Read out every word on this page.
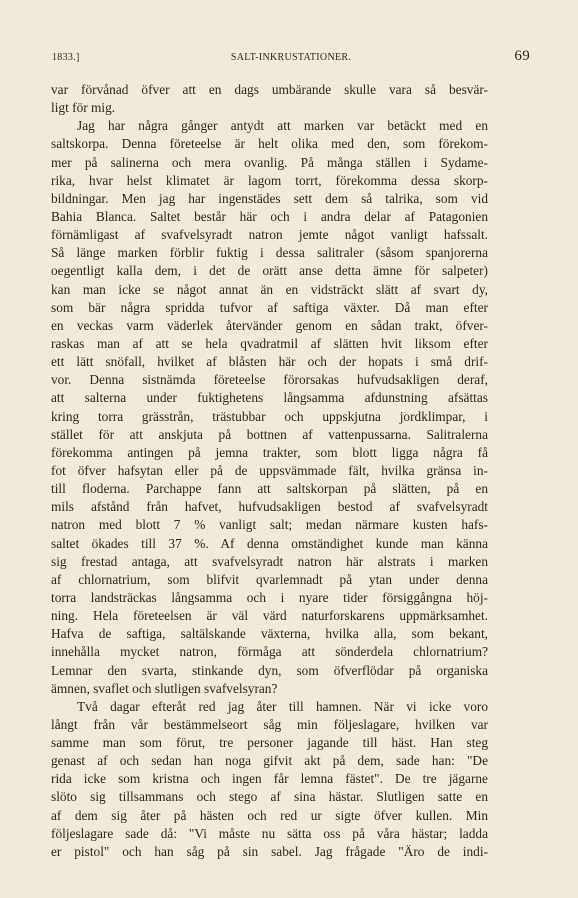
1833.]	SALT-INKRUSTATIONER.	69
var förvånad öfver att en dags umbärande skulle vara så besvär-
ligt för mig.
Jag har några gånger antydt att marken var betäckt med en
saltskorpa. Denna företeelse är helt olika med den, som förekom-
mer på salinerna och mera ovanlig. På många ställen i Sydame-
rika, hvar helst klimatet är lagom torrt, förekomma dessa skorp-
bildningar. Men jag har ingenstädes sett dem så talrika, som vid
Bahia Blanca. Saltet består här och i andra delar af Patagonien
förnämligast af svafvelsyradt natron jemte något vanligt hafssalt.
Så länge marken förblir fuktig i dessa salitraler (såsom spanjorerna
oegentligt kalla dem, i det de orätt anse detta ämne för salpeter)
kan man icke se något annat än en vidsträckt slätt af svart dy,
som bär några spridda tufvor af saftiga växter. Då man efter
en veckas varm väderlek återvänder genom en sådan trakt, öfver-
raskas man af att se hela qvadratmil af slätten hvit liksom efter
ett lätt snöfall, hvilket af blåsten här och der hopats i små drif-
vor. Denna sistnämda företeelse förorsakas hufvudsakligen deraf,
att salterna under fuktighetens långsamma afdunstning afsättas
kring torra grässtrån, trästubbar och uppskjutna jordklimpar, i
stället för att anskjuta på bottnen af vattenpussarna. Salitralerna
förekomma antingen på jemna trakter, som blott ligga några få
fot öfver hafsytan eller på de uppsvämmade fält, hvilka gränsa in-
till floderna. Parchappe fann att saltskorpan på slätten, på en
mils afstånd från hafvet, hufvudsakligen bestod af svafvelsyradt
natron med blott 7 % vanligt salt; medan närmare kusten hafs-
saltet ökades till 37 %. Af denna omständighet kunde man känna
sig frestad antaga, att svafvelsyradt natron här alstrats i marken
af chlornatrium, som blifvit qvarlemnadt på ytan under denna
torra landsträckas långsamma och i nyare tider försiggångna höj-
ning. Hela företeelsen är väl värd naturforskarens uppmärksamhet.
Hafva de saftiga, saltälskande växterna, hvilka alla, som bekant,
innehålla mycket natron, förmåga att sönderdela chlornatrium?
Lemnar den svarta, stinkande dyn, som öfverflödar på organiska
ämnen, svaflet och slutligen svafvelsyran?
Två dagar efteråt red jag åter till hamnen. När vi icke voro
långt från vår bestämmelseort såg min följeslagare, hvilken var
samme man som förut, tre personer jagande till häst. Han steg
genast af och sedan han noga gifvit akt på dem, sade han: "De
rida icke som kristna och ingen får lemna fästet". De tre jägarne
slöto sig tillsammans och stego af sina hästar. Slutligen satte en
af dem sig åter på hästen och red ur sigte öfver kullen. Min
följeslagare sade då: "Vi måste nu sätta oss på våra hästar; ladda
er pistol" och han såg på sin sabel. Jag frågade "Äro de indi-
